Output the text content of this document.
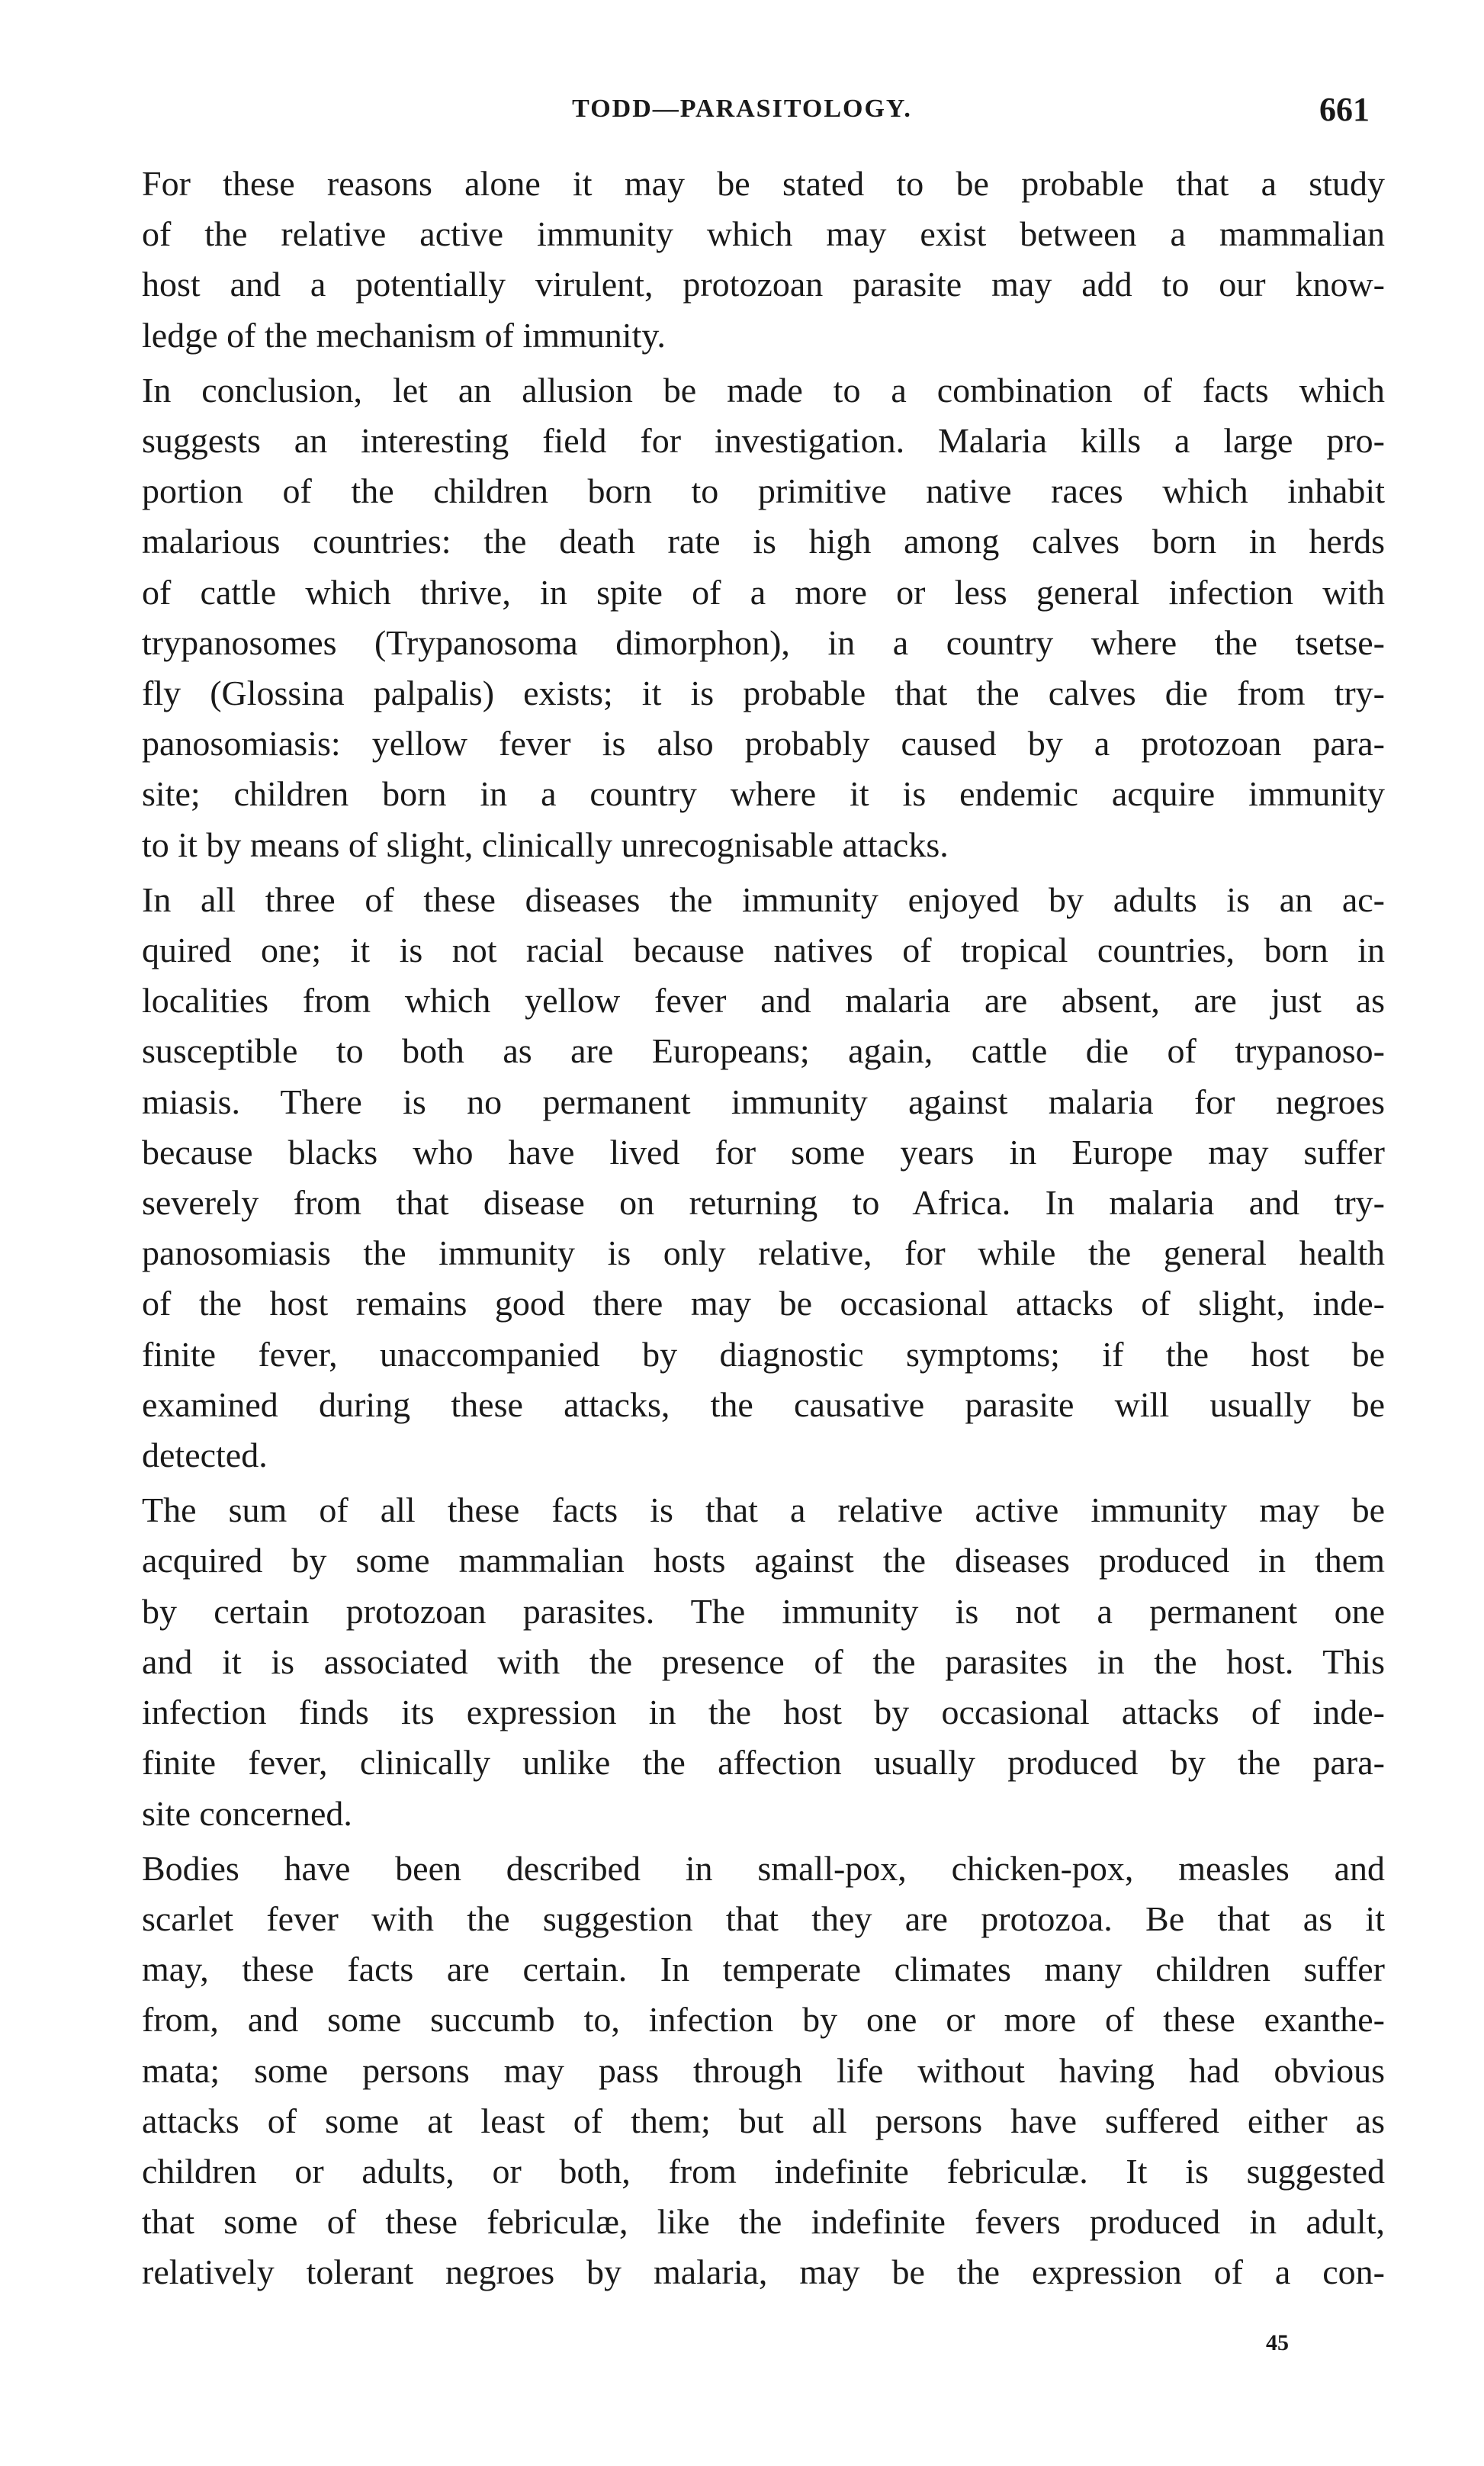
TODD—PARASITOLOGY.	661
For these reasons alone it may be stated to be probable that a study
of the relative active immunity which may exist between a mammalian
host and a potentially virulent, protozoan parasite may add to our know-
ledge of the mechanism of immunity.
In conclusion, let an allusion be made to a combination of facts which
suggests an interesting field for investigation. Malaria kills a large pro-
portion of the children born to primitive native races which inhabit
malarious countries: the death rate is high among calves born in herds
of cattle which thrive, in spite of a more or less general infection with
trypanosomes (Trypanosoma dimorphon), in a country where the tsetse-
fly (Glossina palpalis) exists; it is probable that the calves die from try-
panosomiasis: yellow fever is also probably caused by a protozoan para-
site; children born in a country where it is endemic acquire immunity
to it by means of slight, clinically unrecognisable attacks.
In all three of these diseases the immunity enjoyed by adults is an ac-
quired one; it is not racial because natives of tropical countries, born in
localities from which yellow fever and malaria are absent, are just as
susceptible to both as are Europeans; again, cattle die of trypanoso-
miasis. There is no permanent immunity against malaria for negroes
because blacks who have lived for some years in Europe may suffer
severely from that disease on returning to Africa. In malaria and try-
panosomiasis the immunity is only relative, for while the general health
of the host remains good there may be occasional attacks of slight, inde-
finite fever, unaccompanied by diagnostic symptoms; if the host be
examined during these attacks, the causative parasite will usually be
detected.
The sum of all these facts is that a relative active immunity may be
acquired by some mammalian hosts against the diseases produced in them
by certain protozoan parasites. The immunity is not a permanent one
and it is associated with the presence of the parasites in the host. This
infection finds its expression in the host by occasional attacks of inde-
finite fever, clinically unlike the affection usually produced by the para-
site concerned.
Bodies have been described in small-pox, chicken-pox, measles and
scarlet fever with the suggestion that they are protozoa. Be that as it
may, these facts are certain. In temperate climates many children suffer
from, and some succumb to, infection by one or more of these exanthe-
mata; some persons may pass through life without having had obvious
attacks of some at least of them; but all persons have suffered either as
children or adults, or both, from indefinite febriculæ. It is suggested
that some of these febriculæ, like the indefinite fevers produced in adult,
relatively tolerant negroes by malaria, may be the expression of a con-
45
